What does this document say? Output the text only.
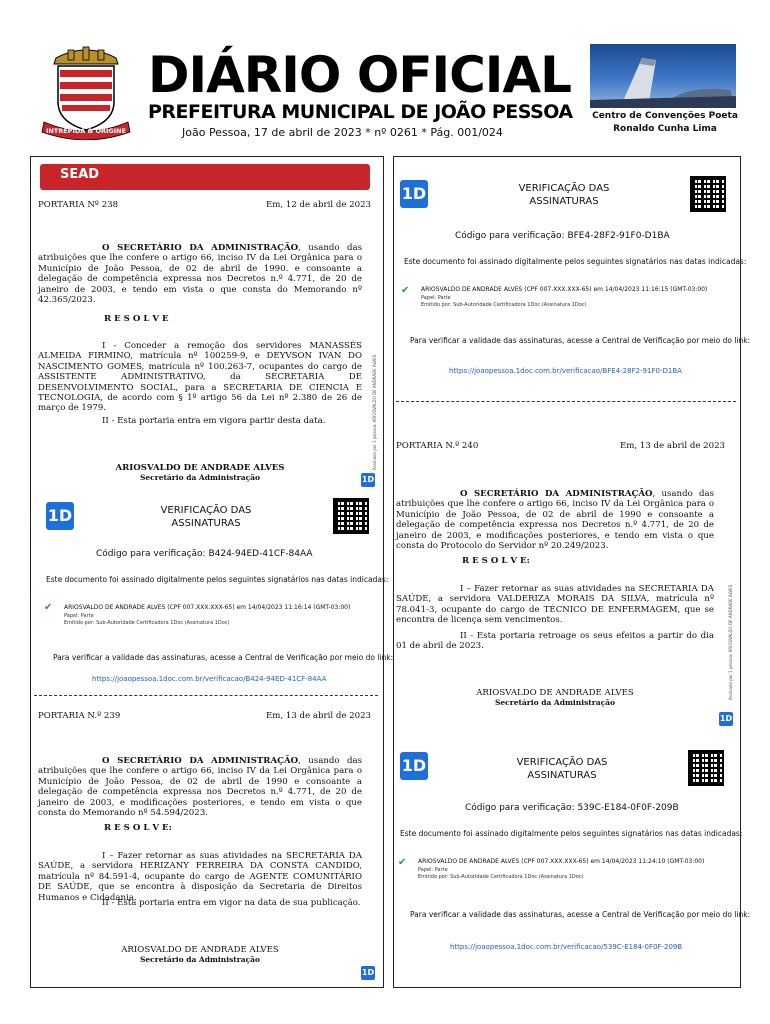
INTREPIDA & ORIGINE
DIÁRIO OFICIAL
PREFEITURA MUNICIPAL DE JOÃO PESSOA
João Pessoa, 17 de abril de 2023 * nº 0261 * Pág. 001/024
Centro de Convenções Poeta
Ronaldo Cunha Lima
SEAD
PORTARIA Nº 238	Em, 12 de abril de 2023
O SECRETÁRIO DA ADMINISTRAÇÃO, usando das atribuições que lhe confere o artigo 66, inciso IV da Lei Orgânica para o Município de João Pessoa, de 02 de abril de 1990. e consoante a delegação de competência expressa nos Decretos n.º 4.771, de 20 de janeiro de 2003, e tendo em vista o que consta do Memorando nº 42.365/2023.
R E S O L V E
I - Conceder a remoção dos servidores MANASSÉS ALMEIDA FIRMINO, matrícula nº 100259-9, e DEYVSON IVAN DO NASCIMENTO GOMES, matrícula nº 100.263-7, ocupantes do cargo de ASSISTENTE ADMINISTRATIVO, da SECRETARIA DE DESENVOLVIMENTO SOCIAL, para a SECRETARIA DE CIENCIA E TECNOLOGIA, de acordo com § 1º artigo 56 da Lei nº 2.380 de 26 de março de 1979.
II - Esta portaria entra em vigora partir desta data.
ARIOSVALDO DE ANDRADE ALVES
Secretário da Administração	1D
Assinado por 1 pessoa: ARIOSVALDO DE ANDRADE ALVES
1D	VERIFICAÇÃO DAS ASSINATURAS
Código para verificação: B424-94ED-41CF-84AA
Este documento foi assinado digitalmente pelos seguintes signatários nas datas indicadas:
✔ ARIOSVALDO DE ANDRADE ALVES (CPF 007.XXX.XXX-65) em 14/04/2023 11:16:14 (GMT-03:00)
Papel: Parte
Emitido por: Sub-Autoridade Certificadora 1Doc (Assinatura 1Doc)
Para verificar a validade das assinaturas, acesse a Central de Verificação por meio do link:
https://joaopessoa.1doc.com.br/verificacao/B424-94ED-41CF-84AA
PORTARIA N.º 239	Em, 13 de abril de 2023
O SECRETÁRIO DA ADMINISTRAÇÃO, usando das atribuições que lhe confere o artigo 66, inciso IV da Lei Orgânica para o Município de João Pessoa, de 02 de abril de 1990 e consoante a delegação de competência expressa nos Decretos n.º 4.771, de 20 de janeiro de 2003, e modificações posteriores, e tendo em vista o que consta do Memorando nº 54.594/2023.
R E S O L V E:
I – Fazer retornar as suas atividades na SECRETARIA DA SAÚDE, a servidora HERIZANY FERREIRA DA CONSTA CANDIDO, matrícula nº 84.591-4, ocupante do cargo de AGENTE COMUNITÁRIO DE SAÚDE, que se encontra à disposição da Secretaria de Direitos Humanos e Cidadania.
II - Esta portaria entra em vigor na data de sua publicação.
ARIOSVALDO DE ANDRADE ALVES
Secretário da Administração
1D
1D	VERIFICAÇÃO DAS ASSINATURAS
Código para verificação: BFE4-28F2-91F0-D1BA
Este documento foi assinado digitalmente pelos seguintes signatários nas datas indicadas:
✔ ARIOSVALDO DE ANDRADE ALVES (CPF 007.XXX.XXX-65) em 14/04/2023 11:16:15 (GMT-03:00)
Papel: Parte
Emitido por: Sub-Autoridade Certificadora 1Doc (Assinatura 1Doc)
Para verificar a validade das assinaturas, acesse a Central de Verificação por meio do link:
https://joaopessoa.1doc.com.br/verificacao/BFE4-28F2-91F0-D1BA
PORTARIA N.º 240	Em, 13 de abril de 2023
O SECRETÁRIO DA ADMINISTRAÇÃO, usando das atribuições que lhe confere o artigo 66, inciso IV da Lei Orgânica para o Município de João Pessoa, de 02 de abril de 1990 e consoante a delegação de competência expressa nos Decretos n.º 4.771, de 20 de janeiro de 2003, e modificações posteriores, e tendo em vista o que consta do Protocolo do Servidor nº 20.249/2023.
R E S O L V E:
I – Fazer retornar as suas atividades na SECRETARIA DA SAÚDE, a servidora VALDERIZA MORAIS DA SILVA, matrícula nº 78.041-3, ocupante do cargo de TÉCNICO DE ENFERMAGEM, que se encontra de licença sem vencimentos.
II - Esta portaria retroage os seus efeitos a partir do dia 01 de abril de 2023.
ARIOSVALDO DE ANDRADE ALVES
Secretário da Administração
1D
Assinado por 1 pessoa: ARIOSVALDO DE ANDRADE ALVES
1D	VERIFICAÇÃO DAS ASSINATURAS
Código para verificação: 539C-E184-0F0F-209B
Este documento foi assinado digitalmente pelos seguintes signatários nas datas indicadas:
✔ ARIOSVALDO DE ANDRADE ALVES (CPF 007.XXX.XXX-65) em 14/04/2023 11:24:10 (GMT-03:00)
Papel: Parte
Emitido por: Sub-Autoridade Certificadora 1Doc (Assinatura 1Doc)
Para verificar a validade das assinaturas, acesse a Central de Verificação por meio do link:
https://joaopessoa.1doc.com.br/verificacao/539C-E184-0F0F-209B
